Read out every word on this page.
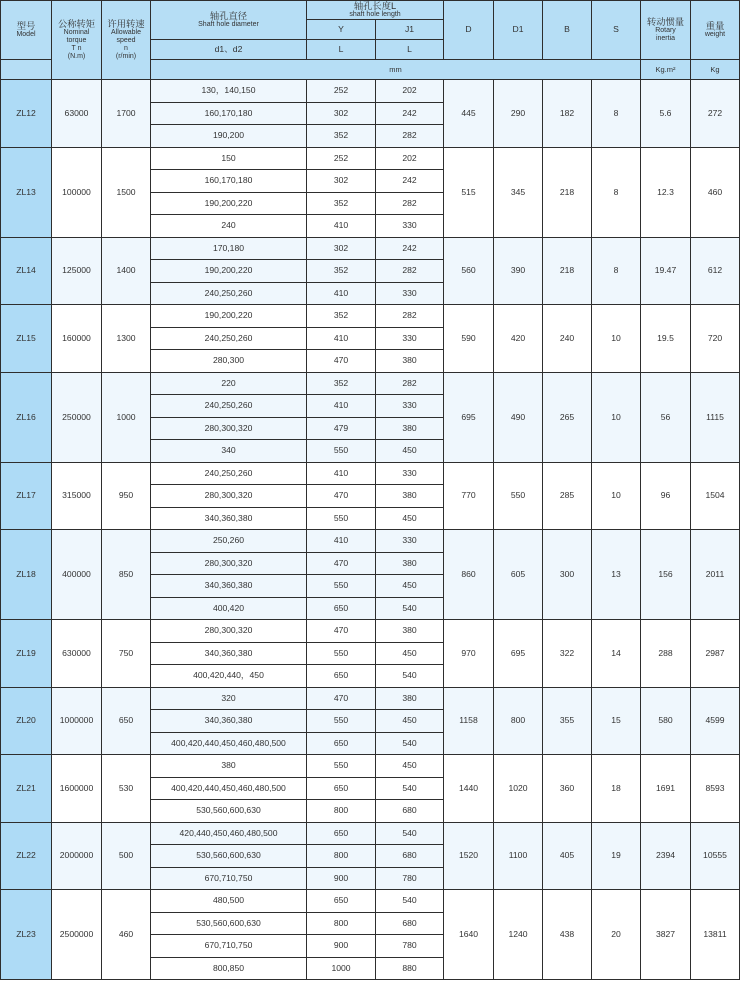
型号
Model	公称转矩
Nominal
torque
T n
(N.m)	许用转速
Allowable
speed
n
(r/min)	轴孔直径
Shaft hole diameter	轴孔长度L
shaft hole length		D	D1	B	S	转动惯量
Rotary
inertia	重量
weight

				Y	J1						
			d1、d2	L	L						
			mm							Kg.m²	Kg
ZL12	63000	1700	130，140,150	252	202	445	290	182	8	5.6	272
			160,170,180	302	242						
			190,200	352	282						
ZL13	100000	1500	150	252	202	515	345	218	8	12.3	460
			160,170,180	302	242						
			190,200,220	352	282						
			240	410	330						
ZL14	125000	1400	170,180	302	242	560	390	218	8	19.47	612
			190,200,220	352	282						
			240,250,260	410	330						
ZL15	160000	1300	190,200,220	352	282	590	420	240	10	19.5	720
			240,250,260	410	330						
			280,300	470	380						
ZL16	250000	1000	220	352	282	695	490	265	10	56	1115
			240,250,260	410	330						
			280,300,320	479	380						
			340	550	450						
ZL17	315000	950	240,250,260	410	330	770	550	285	10	96	1504
			280,300,320	470	380						
			340,360,380	550	450						
ZL18	400000	850	250,260	410	330	860	605	300	13	156	2011
			280,300,320	470	380						
			340,360,380	550	450						
			400,420	650	540						
ZL19	630000	750	280,300,320	470	380	970	695	322	14	288	2987
			340,360,380	550	450						
			400,420,440，450	650	540						
ZL20	1000000	650	320	470	380	1158	800	355	15	580	4599
			340,360,380	550	450						
			400,420,440,450,460,480,500	650	540						
ZL21	1600000	530	380	550	450	1440	1020	360	18	1691	8593
			400,420,440,450,460,480,500	650	540						
			530,560,600,630	800	680						
ZL22	2000000	500	420,440,450,460,480,500	650	540	1520	1100	405	19	2394	10555
			530,560,600,630	800	680						
			670,710,750	900	780						
ZL23	2500000	460	480,500	650	540	1640	1240	438	20	3827	13811
			530,560,600,630	800	680						
			670,710,750	900	780						
			800,850	1000	880						
